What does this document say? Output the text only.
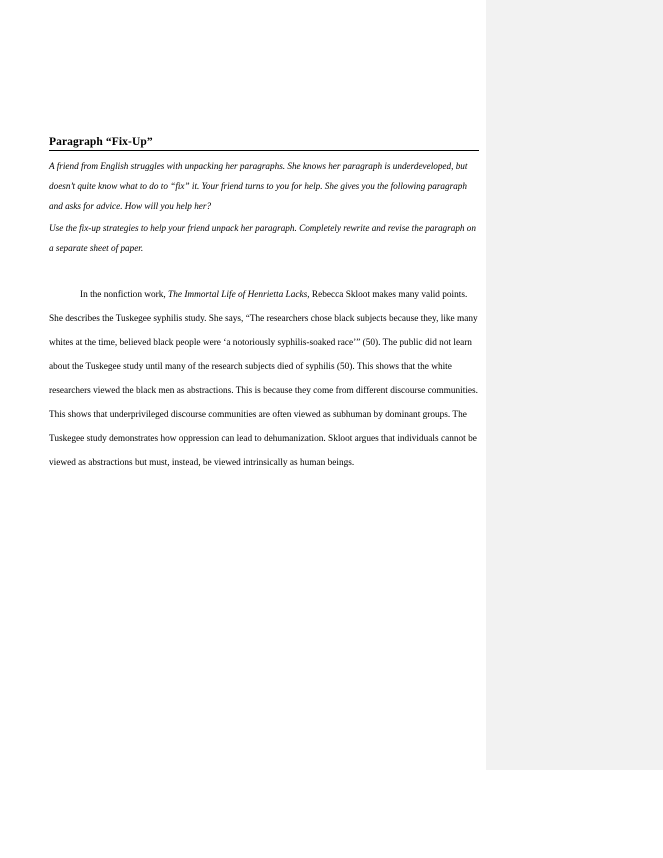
Paragraph “Fix-Up”
A friend from English struggles with unpacking her paragraphs. She knows her paragraph is underdeveloped, but doesn’t quite know what to do to “fix” it. Your friend turns to you for help. She gives you the following paragraph and asks for advice. How will you help her?
Use the fix-up strategies to help your friend unpack her paragraph. Completely rewrite and revise the paragraph on a separate sheet of paper.
In the nonfiction work, The Immortal Life of Henrietta Lacks, Rebecca Skloot makes many valid points. She describes the Tuskegee syphilis study. She says, “The researchers chose black subjects because they, like many whites at the time, believed black people were ‘a notoriously syphilis-soaked race’” (50). The public did not learn about the Tuskegee study until many of the research subjects died of syphilis (50). This shows that the white researchers viewed the black men as abstractions. This is because they come from different discourse communities. This shows that underprivileged discourse communities are often viewed as subhuman by dominant groups. The Tuskegee study demonstrates how oppression can lead to dehumanization. Skloot argues that individuals cannot be viewed as abstractions but must, instead, be viewed intrinsically as human beings.
